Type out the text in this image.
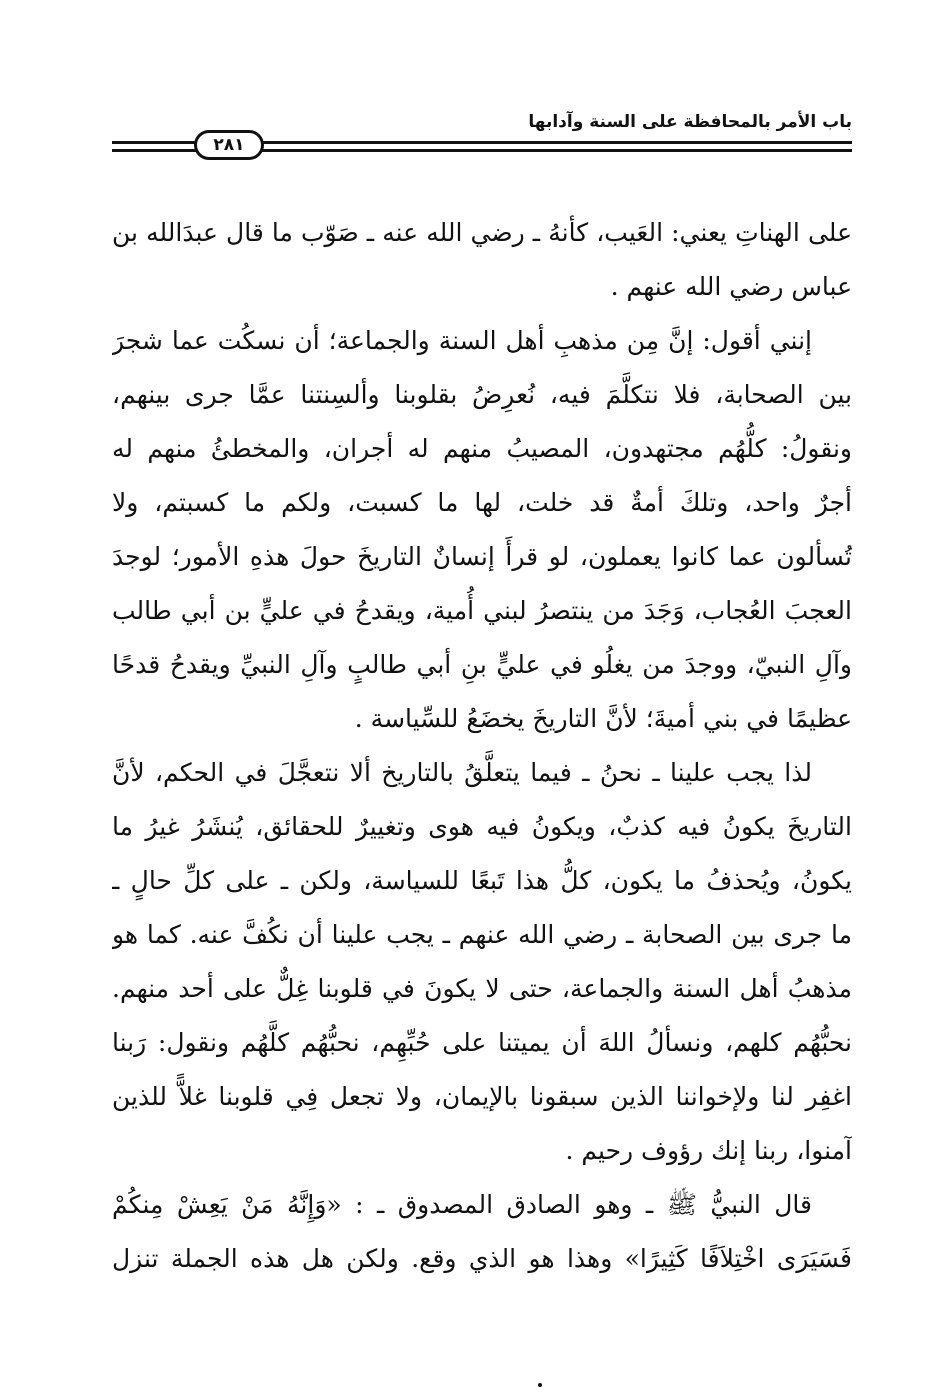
باب الأمر بالمحافظة على السنة وآدابها
٢٨١
على الهناتِ يعني: العَيب، كأنهُ ـ رضي الله عنه ـ صَوّب ما قال عبدَالله بن
عباس رضي الله عنهم .
إنني أقول: إنَّ مِن مذهبِ أهل السنة والجماعة؛ أن نسكُت عما شجرَ
بين الصحابة، فلا نتكلَّمَ فيه، نُعرِضُ بقلوبنا وألسِنتنا عمَّا جرى بينهم،
ونقولُ: كلُّهُم مجتهدون، المصيبُ منهم له أجران، والمخطئُ منهم له
أجرٌ واحد، وتلكَ أمةٌ قد خلت، لها ما كسبت، ولكم ما كسبتم، ولا
تُسألون عما كانوا يعملون، لو قرأَ إنسانٌ التاريخَ حولَ هذهِ الأمور؛ لوجدَ
العجبَ العُجاب، وَجَدَ من ينتصرُ لبني أُمية، ويقدحُ في عليٍّ بن أبي طالب
وآلِ النبيّ، ووجدَ من يغلُو في عليٍّ بنِ أبي طالبٍ وآلِ النبيِّ ويقدحُ قدحًا
عظيمًا في بني أميةَ؛ لأنَّ التاريخَ يخضَعُ للسِّياسة .
لذا يجب علينا ـ نحنُ ـ فيما يتعلَّقُ بالتاريخ ألا نتعجَّلَ في الحكم، لأنَّ
التاريخَ يكونُ فيه كذبٌ، ويكونُ فيه هوى وتغييرٌ للحقائق، يُنشَرُ غيرُ ما
يكونُ، ويُحذفُ ما يكون، كلُّ هذا تَبعًا للسياسة، ولكن ـ على كلِّ حالٍ ـ
ما جرى بين الصحابة ـ رضي الله عنهم ـ يجب علينا أن نكُفَّ عنه. كما هو
مذهبُ أهل السنة والجماعة، حتى لا يكونَ في قلوبنا غِلٌّ على أحد منهم.
نحبُّهُم كلهم، ونسألُ اللهَ أن يميتنا على حُبِّهِم، نحبُّهُم كلَّهُم ونقول: رَبنا
اغفِر لنا ولإخواننا الذين سبقونا بالإيمان، ولا تجعل فِي قلوبنا غلاًّ للذين
آمنوا، ربنا إنك رؤوف رحيم .
قال النبيُّ ﷺ ـ وهو الصادق المصدوق ـ : «وَإِنَّهُ مَنْ يَعِشْ مِنكُمْ
فَسَيَرَى اخْتِلاَفًا كَثِيرًا» وهذا هو الذي وقع. ولكن هل هذه الجملة تنزل
